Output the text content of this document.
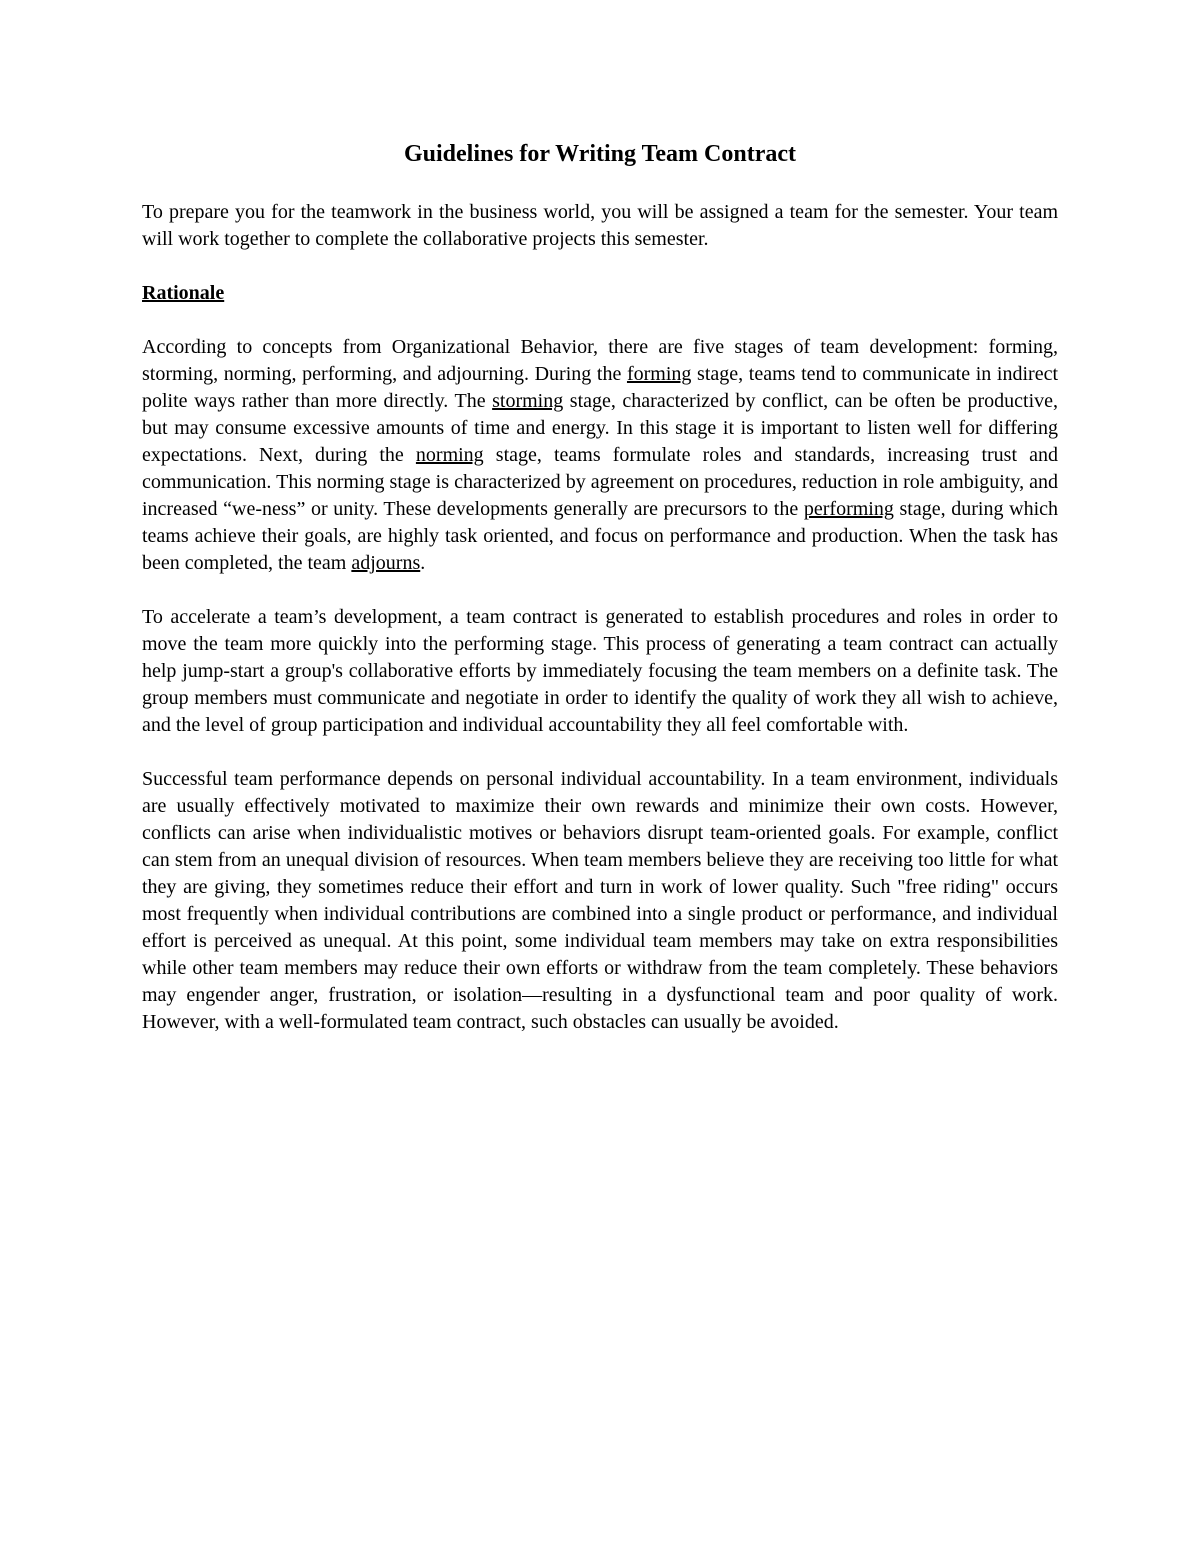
Guidelines for Writing Team Contract

To prepare you for the teamwork in the business world, you will be assigned a team for the semester. Your team will work together to complete the collaborative projects this semester.

Rationale

According to concepts from Organizational Behavior, there are five stages of team development: forming, storming, norming, performing, and adjourning. During the forming stage, teams tend to communicate in indirect polite ways rather than more directly. The storming stage, characterized by conflict, can be often be productive, but may consume excessive amounts of time and energy. In this stage it is important to listen well for differing expectations. Next, during the norming stage, teams formulate roles and standards, increasing trust and communication. This norming stage is characterized by agreement on procedures, reduction in role ambiguity, and increased “we-ness” or unity. These developments generally are precursors to the performing stage, during which teams achieve their goals, are highly task oriented, and focus on performance and production. When the task has been completed, the team adjourns.

To accelerate a team’s development, a team contract is generated to establish procedures and roles in order to move the team more quickly into the performing stage. This process of generating a team contract can actually help jump-start a group's collaborative efforts by immediately focusing the team members on a definite task. The group members must communicate and negotiate in order to identify the quality of work they all wish to achieve, and the level of group participation and individual accountability they all feel comfortable with.

Successful team performance depends on personal individual accountability. In a team environment, individuals are usually effectively motivated to maximize their own rewards and minimize their own costs. However, conflicts can arise when individualistic motives or behaviors disrupt team-oriented goals. For example, conflict can stem from an unequal division of resources. When team members believe they are receiving too little for what they are giving, they sometimes reduce their effort and turn in work of lower quality. Such "free riding" occurs most frequently when individual contributions are combined into a single product or performance, and individual effort is perceived as unequal. At this point, some individual team members may take on extra responsibilities while other team members may reduce their own efforts or withdraw from the team completely. These behaviors may engender anger, frustration, or isolation—resulting in a dysfunctional team and poor quality of work. However, with a well-formulated team contract, such obstacles can usually be avoided.
